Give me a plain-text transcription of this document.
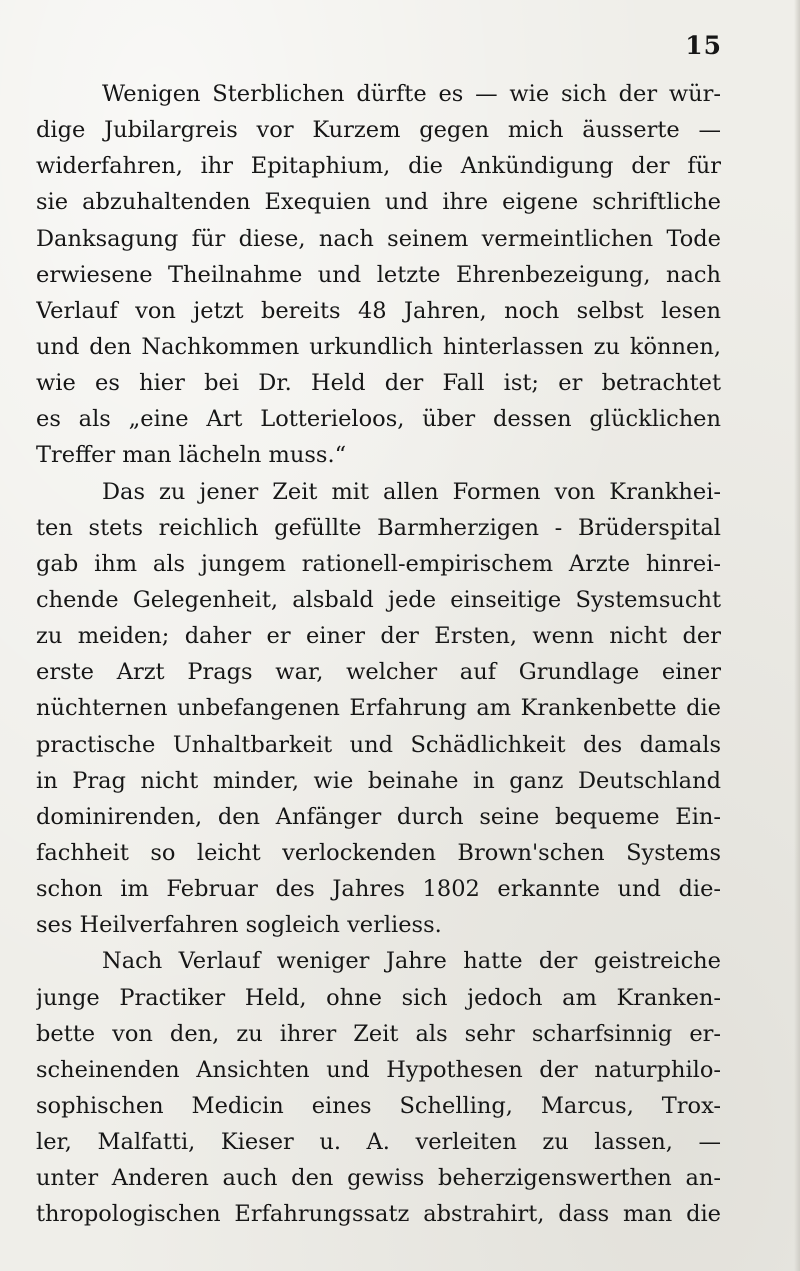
15
Wenigen Sterblichen dürfte es — wie sich der wür-
dige Jubilargreis vor Kurzem gegen mich äusserte —
widerfahren, ihr Epitaphium, die Ankündigung der für
sie abzuhaltenden Exequien und ihre eigene schriftliche
Danksagung für diese, nach seinem vermeintlichen Tode
erwiesene Theilnahme und letzte Ehrenbezeigung, nach
Verlauf von jetzt bereits 48 Jahren, noch selbst lesen
und den Nachkommen urkundlich hinterlassen zu können,
wie es hier bei Dr. Held der Fall ist; er betrachtet
es als „eine Art Lotterieloos, über dessen glücklichen
Treffer man lächeln muss.“
Das zu jener Zeit mit allen Formen von Krankhei-
ten stets reichlich gefüllte Barmherzigen - Brüderspital
gab ihm als jungem rationell-empirischem Arzte hinrei-
chende Gelegenheit, alsbald jede einseitige Systemsucht
zu meiden; daher er einer der Ersten, wenn nicht der
erste Arzt Prags war, welcher auf Grundlage einer
nüchternen unbefangenen Erfahrung am Krankenbette die
practische Unhaltbarkeit und Schädlichkeit des damals
in Prag nicht minder, wie beinahe in ganz Deutschland
dominirenden, den Anfänger durch seine bequeme Ein-
fachheit so leicht verlockenden Brown'schen Systems
schon im Februar des Jahres 1802 erkannte und die-
ses Heilverfahren sogleich verliess.
Nach Verlauf weniger Jahre hatte der geistreiche
junge Practiker Held, ohne sich jedoch am Kranken-
bette von den, zu ihrer Zeit als sehr scharfsinnig er-
scheinenden Ansichten und Hypothesen der naturphilo-
sophischen Medicin eines Schelling, Marcus, Trox-
ler, Malfatti, Kieser u. A. verleiten zu lassen, —
unter Anderen auch den gewiss beherzigenswerthen an-
thropologischen Erfahrungssatz abstrahirt, dass man die
